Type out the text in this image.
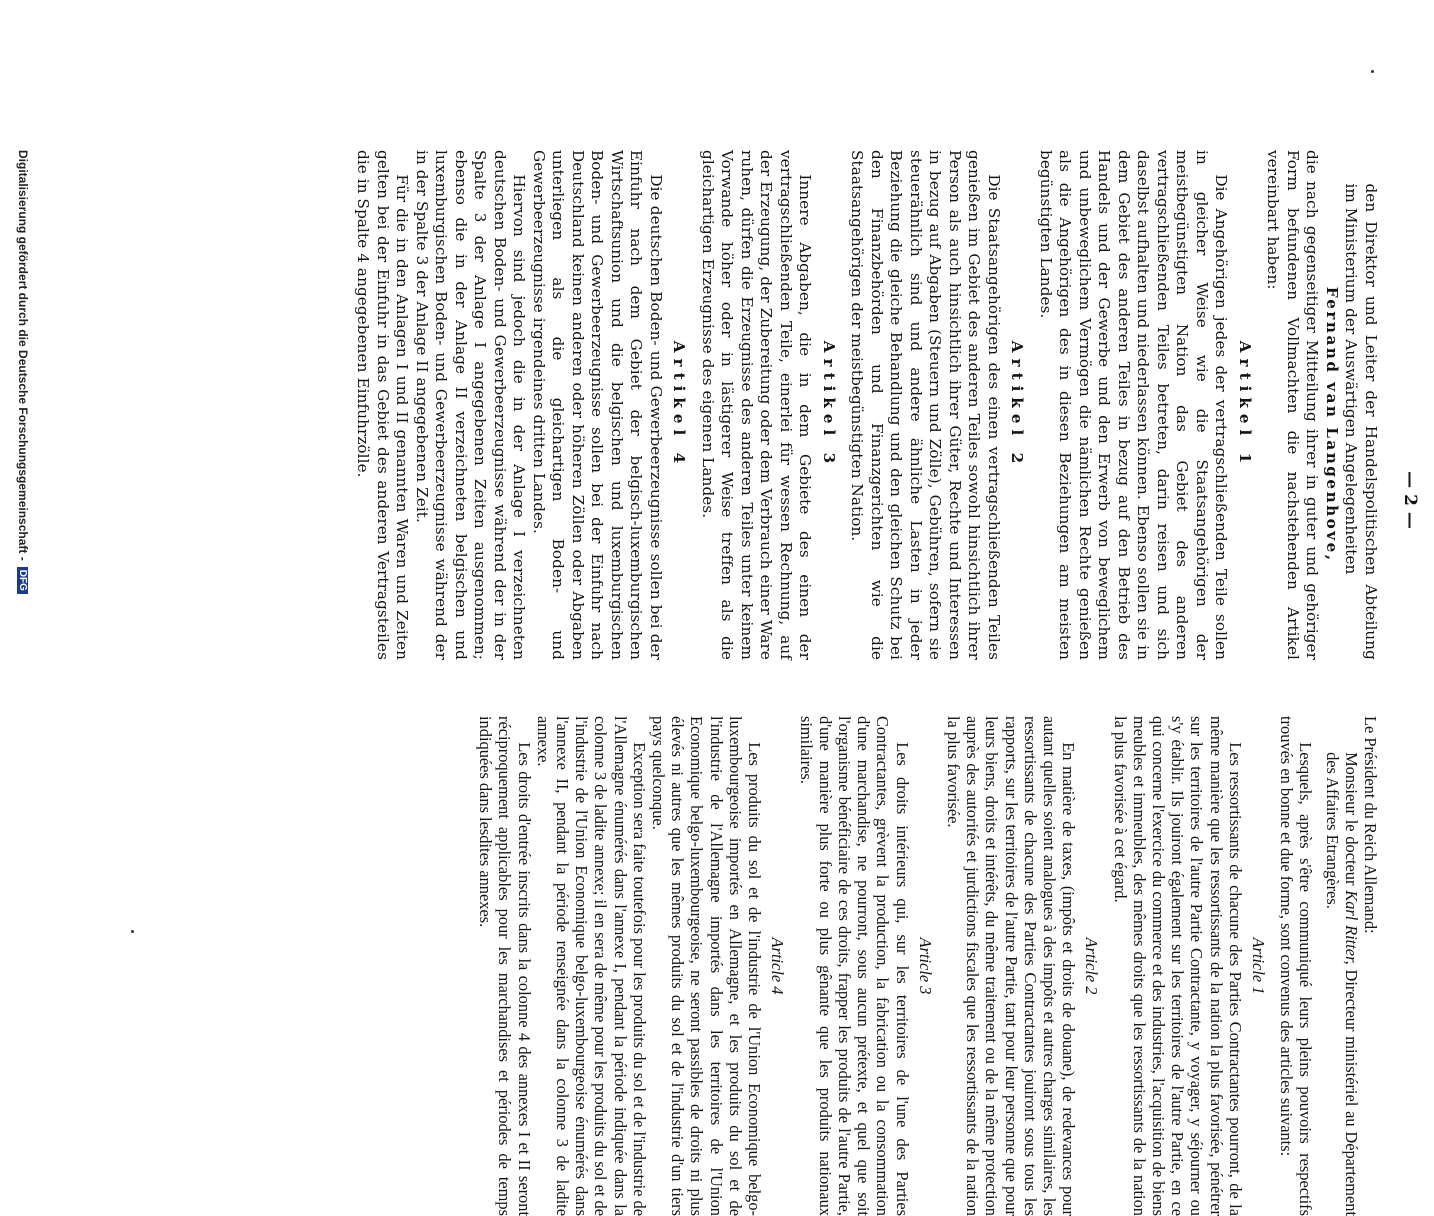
— 2 —

den Direktor und Leiter der Handelspolitischen Abteilung im Ministerium der Auswärtigen Angelegenheiten

Fernand van Langenhove,

die nach gegenseitiger Mitteilung ihrer in guter und gehöriger Form befundenen Vollmachten die nachstehenden Artikel vereinbart haben:

Artikel 1

Die Angehörigen jedes der vertragschließenden Teile sollen in gleicher Weise wie die Staatsangehörigen der meistbegünstigten Nation das Gebiet des anderen vertragschließenden Teiles betreten, darin reisen und sich daselbst aufhalten und niederlassen können. Ebenso sollen sie in dem Gebiet des anderen Teiles in bezug auf den Betrieb des Handels und der Gewerbe und den Erwerb von beweglichem und unbeweglichem Vermögen die nämlichen Rechte genießen als die Angehörigen des in diesen Beziehungen am meisten begünstigten Landes.

Artikel 2

Die Staatsangehörigen des einen vertragschließenden Teiles genießen im Gebiet des anderen Teiles sowohl hinsichtlich ihrer Person als auch hinsichtlich ihrer Güter, Rechte und Interessen in bezug auf Abgaben (Steuern und Zölle), Gebühren, sofern sie steuerähnlich sind und andere ähnliche Lasten in jeder Beziehung die gleiche Behandlung und den gleichen Schutz bei den Finanzbehörden und Finanzgerichten wie die Staatsangehörigen der meistbegünstigten Nation.

Artikel 3

Innere Abgaben, die in dem Gebiete des einen der vertragschließenden Teile, einerlei für wessen Rechnung, auf der Erzeugung, der Zubereitung oder dem Verbrauch einer Ware ruhen, dürfen die Erzeugnisse des anderen Teiles unter keinem Vorwande höher oder in lästigerer Weise treffen als die gleichartigen Erzeugnisse des eigenen Landes.

Artikel 4

Die deutschen Boden- und Gewerbeerzeugnisse sollen bei der Einfuhr nach dem Gebiet der belgisch-luxemburgischen Wirtschaftsunion und die belgischen und luxemburgischen Boden- und Gewerbeerzeugnisse sollen bei der Einfuhr nach Deutschland keinen anderen oder höheren Zöllen oder Abgaben unterliegen als die gleichartigen Boden- und Gewerbeerzeugnisse irgendeines dritten Landes.

Hiervon sind jedoch die in der Anlage I verzeichneten deutschen Boden- und Gewerbeerzeugnisse während der in der Spalte 3 der Anlage I angegebenen Zeiten ausgenommen; ebenso die in der Anlage II verzeichneten belgischen und luxemburgischen Boden- und Gewerbeerzeugnisse während der in der Spalte 3 der Anlage II angegebenen Zeit.

Für die in den Anlagen I und II genannten Waren und Zeiten gelten bei der Einfuhr in das Gebiet des anderen Vertragsteiles die in Spalte 4 angegebenen Einfuhrzölle.

Le Président du Reich Allemand:

Monsieur le docteur Karl Ritter, Directeur ministériel au Département des Affaires Etrangères.

Lesquels, après s'être communiqué leurs pleins pouvoirs respectifs trouvés en bonne et due forme, sont convenus des articles suivants:

Article 1

Les ressortissants de chacune des Parties Contractantes pourront, de la même manière que les ressortissants de la nation la plus favorisée, pénétrer sur les territoires de l'autre Partie Contractante, y voyager, y séjourner ou s'y établir. Ils jouiront également sur les territoires de l'autre Partie, en ce qui concerne l'exercice du commerce et des industries, l'acquisition de biens meubles et immeubles, des mêmes droits que les ressortissants de la nation la plus favorisée à cet égard.

Article 2

En matière de taxes, (impôts et droits de douane), de redevances pour autant quelles soient analogues à des impôts et autres charges similaires, les ressortissants de chacune des Parties Contractantes jouiront sous tous les rapports, sur les territoires de l'autre Partie, tant pour leur personne que pour leurs biens, droits et intérêts, du même traitement ou de la même protection auprès des autorités et jurdictions fiscales que les ressortissants de la nation la plus favorisée.

Article 3

Les droits intérieurs qui, sur les territoires de l'une des Parties Contractantes, grèvent la production, la fabrication ou la consommation d'une marchandise, ne pourront, sous aucun prétexte, et quel que soit l'organisme bénéficiaire de ces droits, frapper les produits de l'autre Partie, d'une manière plus forte ou plus gênante que les produits nationaux similaires.

Article 4

Les produits du sol et de l'industrie de l'Union Economique belgo-luxembourgeoise importés en Allemagne, et les produits du sol et de l'industrie de l'Allemagne importés dans les territoires de l'Union Economique belgo-luxembourgeoise, ne seront passibles de droits ni plus élevés ni autres que les mêmes produits du sol et de l'industrie d'un tiers pays quelconque.

Exception sera faite toutefois pour les produits du sol et de l'industrie de l'Allemagne énumérés dans l'annexe I, pendant la période indiquée dans la colonne 3 de ladite annexe; il en sera de même pour les produits du sol et de l'industrie de l'Union Economique belgo-luxembourgeoise énumérés dans l'annexe II, pendant la période renseignée dans la colonne 3 de ladite annexe.

Les droits d'entrée inscrits dans la colonne 4 des annexes I et II seront réciproquement applicables pour les marchandises et périodes de temps indiquées dans lesdites annexes.

Digitalisierung gefördert durch die Deutsche Forschungsgemeinschaft -DFG
